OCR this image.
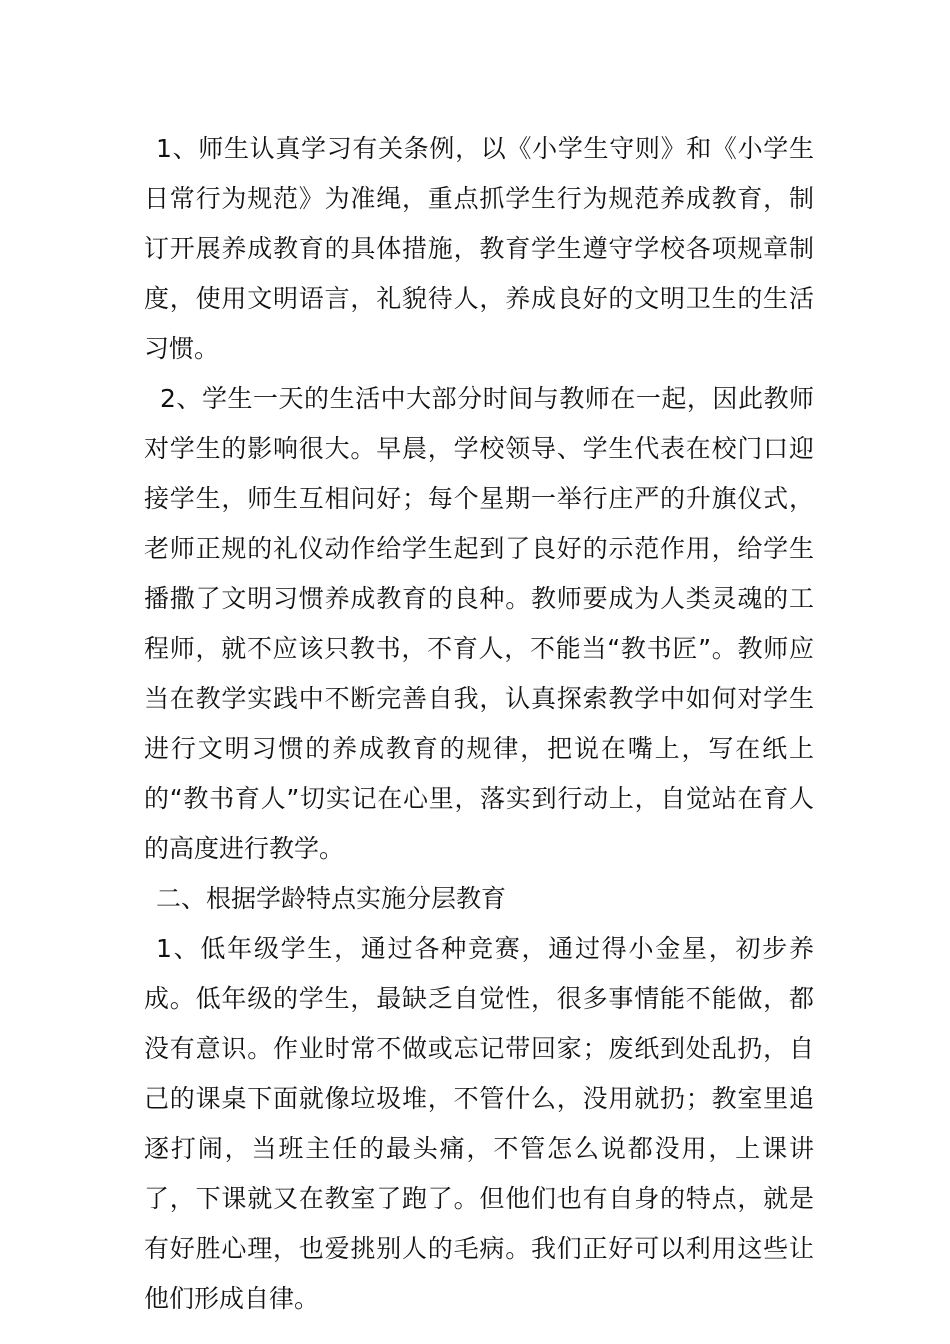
1、师生认真学习有关条例，以《小学生守则》和《小学生日常行为规范》为准绳，重点抓学生行为规范养成教育，制订开展养成教育的具体措施，教育学生遵守学校各项规章制度，使用文明语言，礼貌待人，养成良好的文明卫生的生活习惯。

2、学生一天的生活中大部分时间与教师在一起，因此教师对学生的影响很大。早晨，学校领导、学生代表在校门口迎接学生，师生互相问好；每个星期一举行庄严的升旗仪式，老师正规的礼仪动作给学生起到了良好的示范作用，给学生播撒了文明习惯养成教育的良种。教师要成为人类灵魂的工程师，就不应该只教书，不育人，不能当“教书匠”。教师应当在教学实践中不断完善自我，认真探索教学中如何对学生进行文明习惯的养成教育的规律，把说在嘴上，写在纸上的“教书育人”切实记在心里，落实到行动上，自觉站在育人的高度进行教学。

二、根据学龄特点实施分层教育

1、低年级学生，通过各种竞赛，通过得小金星，初步养成。低年级的学生，最缺乏自觉性，很多事情能不能做，都没有意识。作业时常不做或忘记带回家；废纸到处乱扔，自己的课桌下面就像垃圾堆，不管什么，没用就扔；教室里追逐打闹，当班主任的最头痛，不管怎么说都没用，上课讲了，下课就又在教室了跑了。但他们也有自身的特点，就是有好胜心理，也爱挑别人的毛病。我们正好可以利用这些让他们形成自律。
